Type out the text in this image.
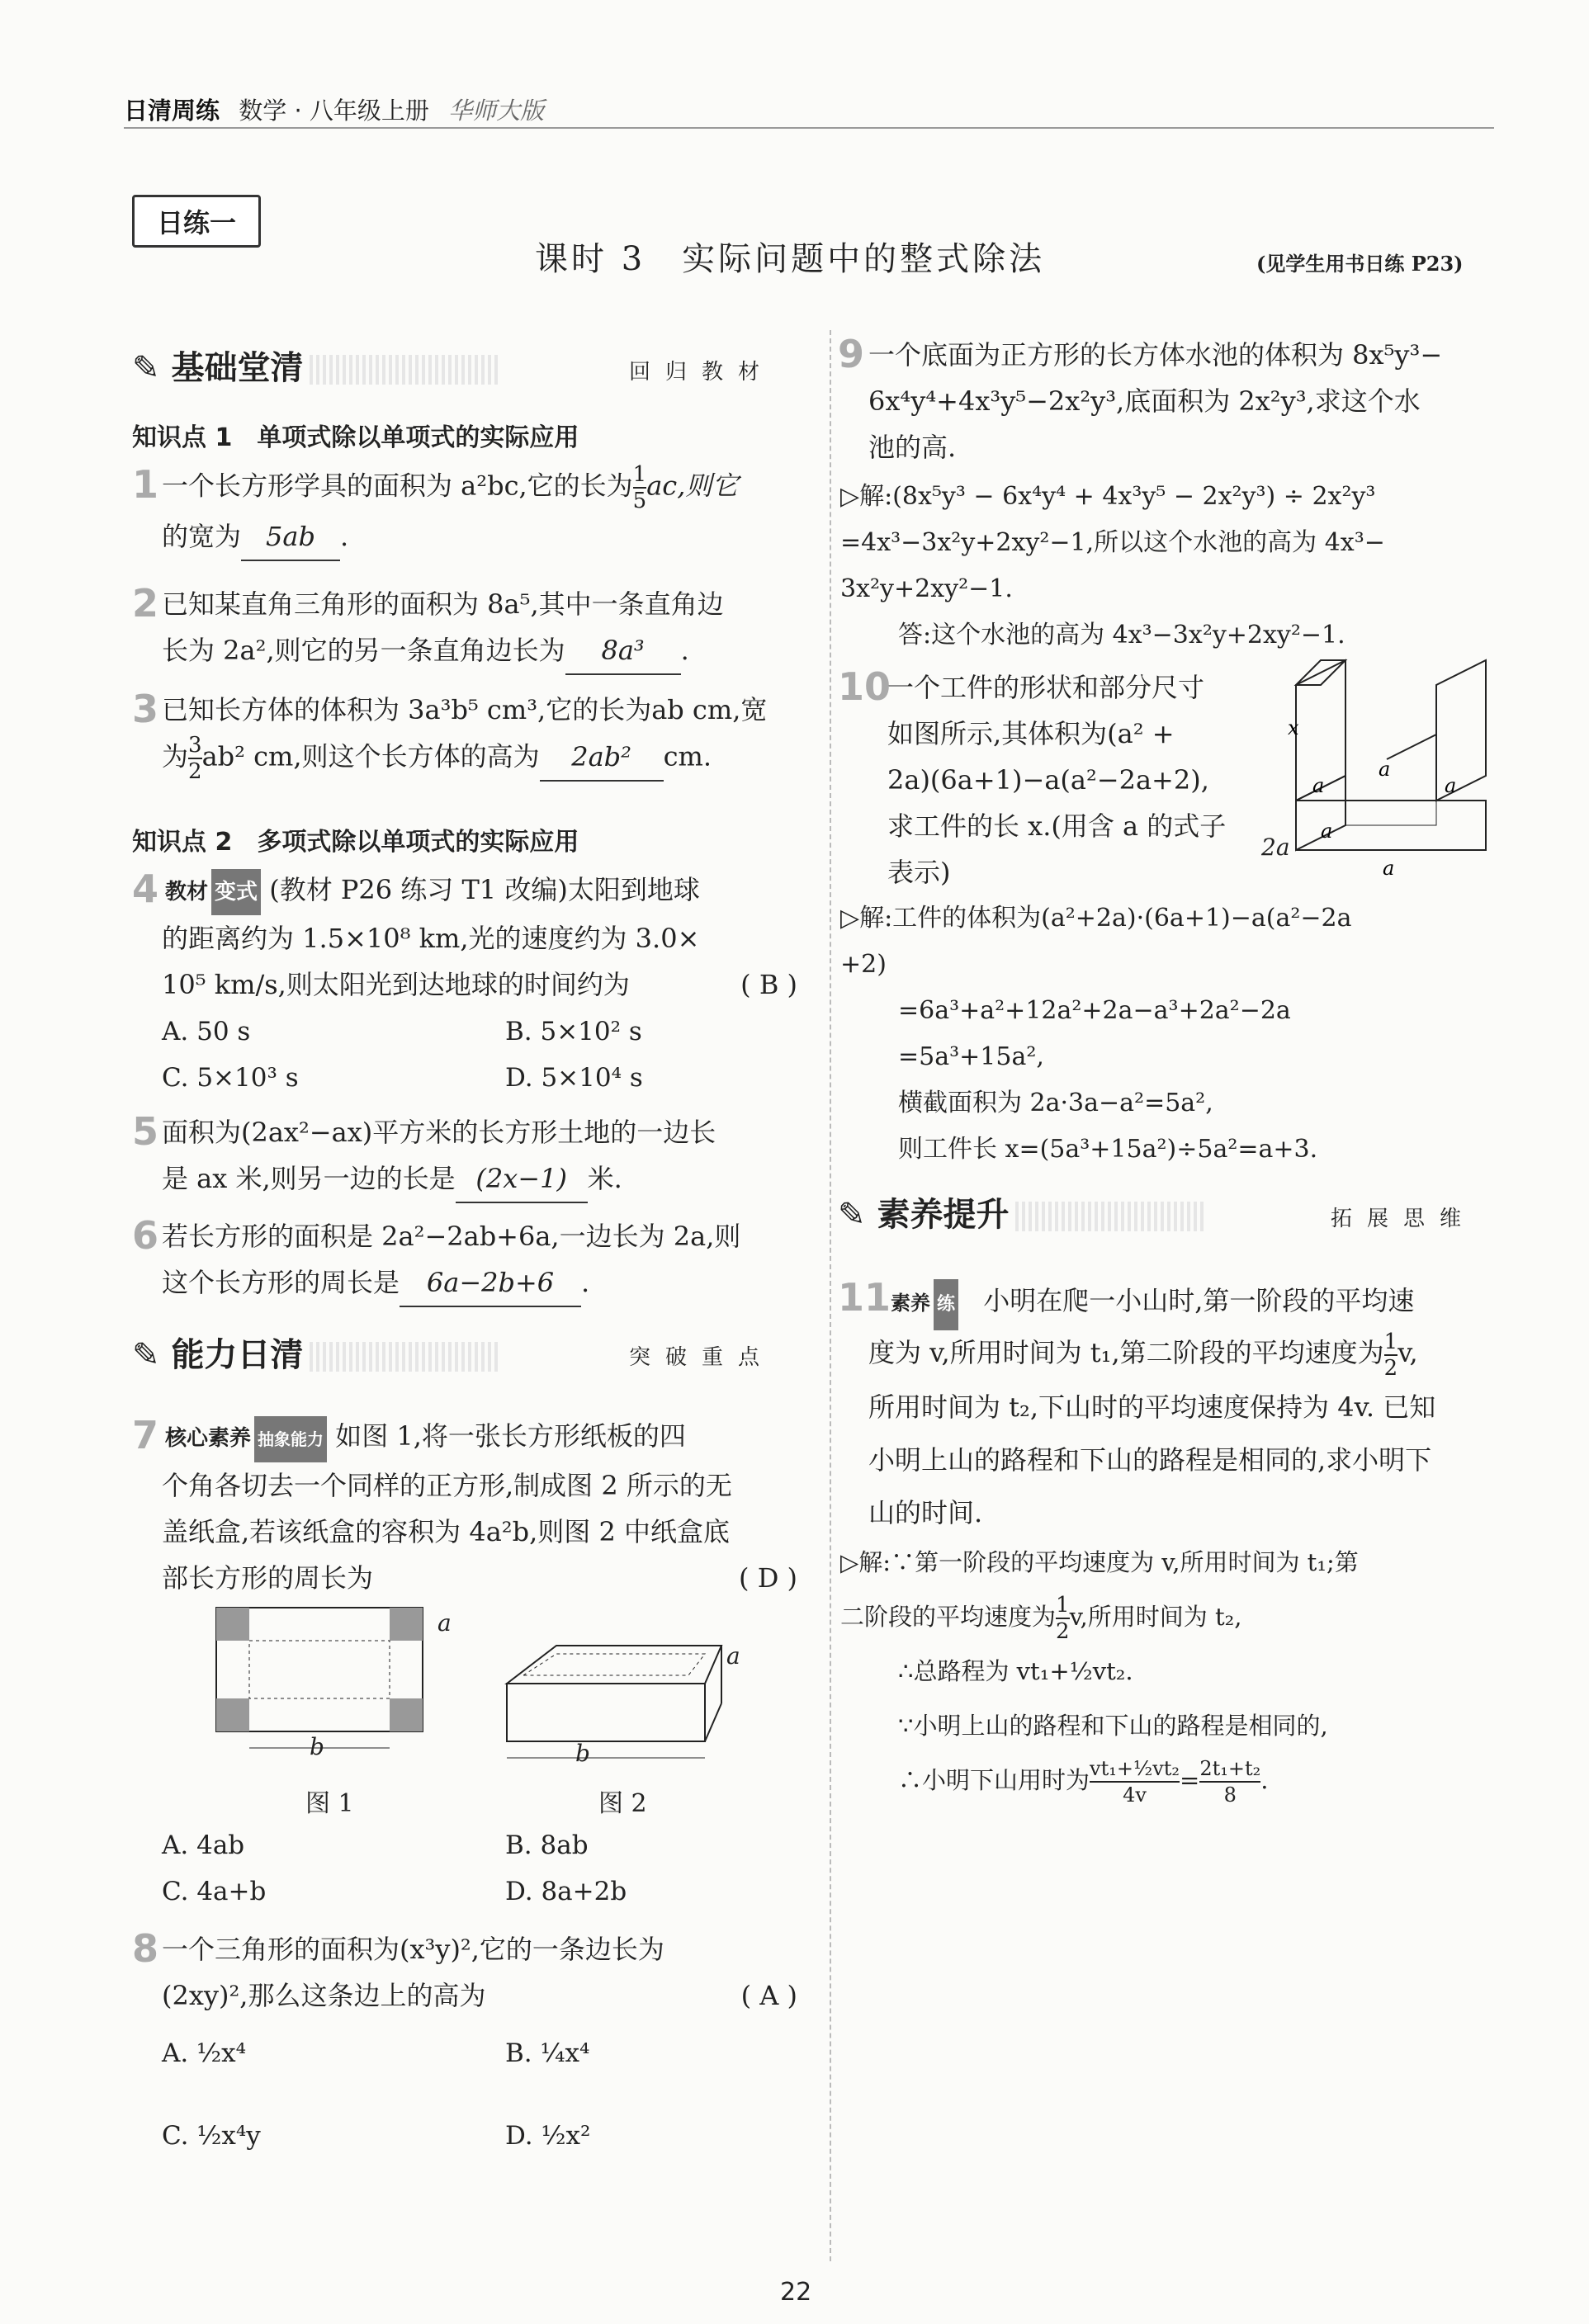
日清周练 数学 · 八年级上册 华师大版
日练一
课时 3　实际问题中的整式除法	(见学生用书日练 P23)
✎ 基础堂清	回归教材
知识点 1　单项式除以单项式的实际应用
1 一个长方形学具的面积为 a²bc,它的长为 $\frac{1}{5}$ ac,则它
的宽为 5ab .
2 已知某直角三角形的面积为 8a⁵,其中一条直角边
长为 2a²,则它的另一条直角边长为 8a³ .
3 已知长方体的体积为 3a³b⁵ cm³,它的长为ab cm,宽
为 $\frac{3}{2} ab^2$ cm,则这个长方体的高为 2ab² cm.
知识点 2　多项式除以单项式的实际应用
4 教材 变式 (教材 P26 练习 T1 改编)太阳到地球
的距离约为 1.5×10⁸ km,光的速度约为 3.0×
10⁵ km/s,则太阳光到达地球的时间约为	( B )
A. 50 s	B. 5×10² s
C. 5×10³ s	D. 5×10⁴ s
5 面积为(2ax²−ax)平方米的长方形土地的一边长
是 ax 米,则另一边的长是 (2x−1) 米.
6 若长方形的面积是 2a²−2ab+6a,一边长为 2a,则
这个长方形的周长是 6a−2b+6 .
✎ 能力日清	突破重点
7 核心素养 抽象能力 如图 1,将一张长方形纸板的四
个角各切去一个同样的正方形,制成图 2 所示的无
盖纸盒,若该纸盒的容积为 4a²b,则图 2 中纸盒底
部长方形的周长为	( D )
b
a
图 1
b
a
图 2
A. 4ab	B. 8ab
C. 4a+b	D. 8a+2b
8 一个三角形的面积为(x³y)²,它的一条边长为
(2xy)²,那么这条边上的高为	( A )
A. ½x⁴	B. ¼x⁴
C. ½x⁴y	D. ½x²
9 一个底面为正方形的长方体水池的体积为 8x⁵y³−
6x⁴y⁴+4x³y⁵−2x²y³,底面积为 2x²y³,求这个水
池的高.
▷解:(8x⁵y³ − 6x⁴y⁴ + 4x³y⁵ − 2x²y³) ÷ 2x²y³
=4x³−3x²y+2xy²−1,所以这个水池的高为 4x³−
3x²y+2xy²−1.
答:这个水池的高为 4x³−3x²y+2xy²−1.
10
一个工件的形状和部分尺寸
如图所示,其体积为(a² +
2a)(6a+1)−a(a²−2a+2),
求工件的长 x.(用含 a 的式子
表示)
x
a
a
a
a
a
2a
▷解:工件的体积为(a²+2a)·(6a+1)−a(a²−2a
+2)
=6a³+a²+12a²+2a−a³+2a²−2a
=5a³+15a²,
横截面积为 2a·3a−a²=5a²,
则工件长 x=(5a³+15a²)÷5a²=a+3.
✎ 素养提升	拓展思维
11 素养 练 小明在爬一小山时,第一阶段的平均速
度为 v,所用时间为 t₁,第二阶段的平均速度为 $\frac{1}{2} v$,
所用时间为 t₂,下山时的平均速度保持为 4v. 已知
小明上山的路程和下山的路程是相同的,求小明下
山的时间.
▷解:∵第一阶段的平均速度为 v,所用时间为 t₁;第
二阶段的平均速度为 $\frac{1}{2} v$,所用时间为 t₂,
∴总路程为 vt₁+½vt₂.
∵小明上山的路程和下山的路程是相同的,
∴小明下山用时为 $\frac{\text{vt₁+½vt₂}}{4v} = \frac{\text{2t₁+t₂}}{8}$ .
22
